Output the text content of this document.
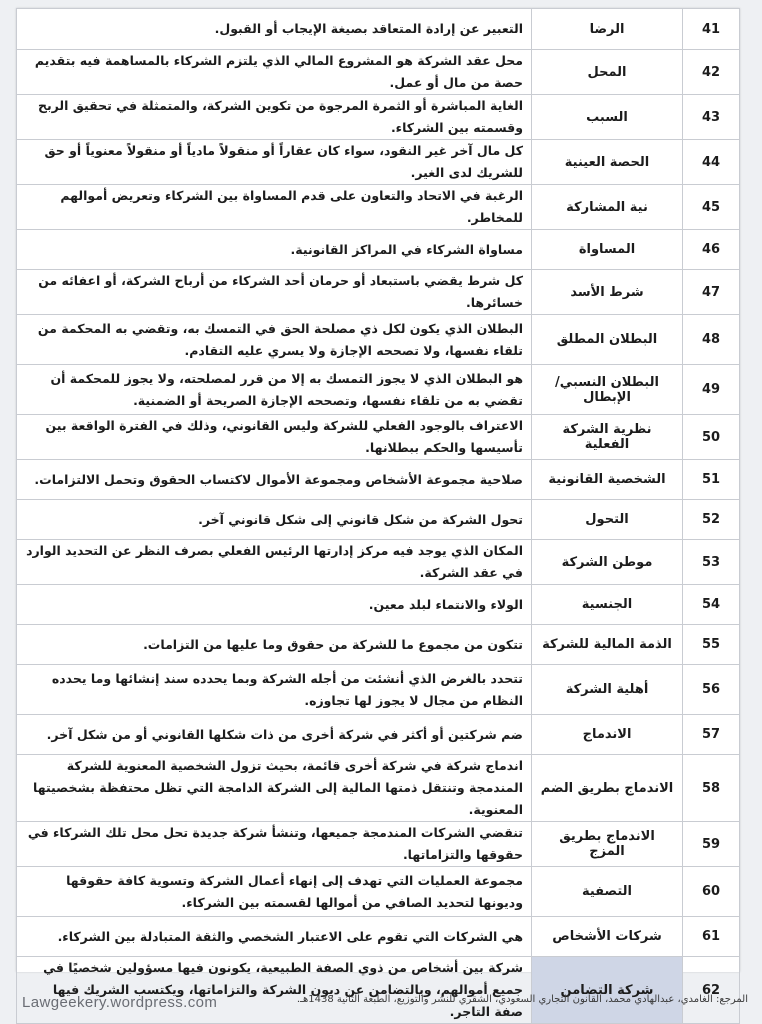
41	الرضا	التعبير عن إرادة المتعاقد بصيغة الإيجاب أو القبول.
42	المحل	محل عقد الشركة هو المشروع المالي الذي يلتزم الشركاء بالمساهمة فيه بتقديم حصة من مال أو عمل.
43	السبب	الغاية المباشرة أو الثمرة المرجوة من تكوين الشركة، والمتمثلة في تحقيق الربح وقسمته بين الشركاء.
44	الحصة العينية	كل مال آخر غير النقود، سواء كان عقاراً أو منقولاً مادياً أو منقولاً معنوياً أو حق للشريك لدى الغير.
45	نية المشاركة	الرغبة في الاتحاد والتعاون على قدم المساواة بين الشركاء وتعريض أموالهم للمخاطر.
46	المساواة	مساواة الشركاء في المراكز القانونية.
47	شرط الأسد	كل شرط يقضي باستبعاد أو حرمان أحد الشركاء من أرباح الشركة، أو اعفائه من خسائرها.
48	البطلان المطلق	البطلان الذي يكون لكل ذي مصلحة الحق في التمسك به، وتقضي به المحكمة من تلقاء نفسها، ولا تصححه الإجازة ولا يسري عليه التقادم.
49	البطلان النسبي/ الإبطال	هو البطلان الذي لا يجوز التمسك به إلا من قرر لمصلحته، ولا يجوز للمحكمة أن تقضي به من تلقاء نفسها، وتصححه الإجازة الصريحة أو الضمنية.
50	نظرية الشركة الفعلية	الاعتراف بالوجود الفعلي للشركة وليس القانوني، وذلك في الفترة الواقعة بين تأسيسها والحكم ببطلانها.
51	الشخصية القانونية	صلاحية مجموعة الأشخاص ومجموعة الأموال لاكتساب الحقوق وتحمل الالتزامات.
52	التحول	تحول الشركة من شكل قانوني إلى شكل قانوني آخر.
53	موطن الشركة	المكان الذي يوجد فيه مركز إدارتها الرئيس الفعلي بصرف النظر عن التحديد الوارد في عقد الشركة.
54	الجنسية	الولاء والانتماء لبلد معين.
55	الذمة المالية للشركة	تتكون من مجموع ما للشركة من حقوق وما عليها من التزامات.
56	أهلية الشركة	تتحدد بالغرض الذي أنشئت من أجله الشركة وبما يحدده سند إنشائها وما يحدده النظام من مجال لا يجوز لها تجاوزه.
57	الاندماج	ضم شركتين أو أكثر في شركة أخرى من ذات شكلها القانوني أو من شكل آخر.
58	الاندماج بطريق الضم	اندماج شركة في شركة أخرى قائمة، بحيث تزول الشخصية المعنوية للشركة المندمجة وتنتقل ذمتها المالية إلى الشركة الدامجة التي تظل محتفظة بشخصيتها المعنوية.
59	الاندماج بطريق المزج	تنقضي الشركات المندمجة جميعها، وتنشأ شركة جديدة تحل محل تلك الشركاء في حقوقها والتزاماتها.
60	التصفية	مجموعة العمليات التي تهدف إلى إنهاء أعمال الشركة وتسوية كافة حقوقها وديونها لتحديد الصافي من أموالها لقسمته بين الشركاء.
61	شركات الأشخاص	هي الشركات التي تقوم على الاعتبار الشخصي والثقة المتبادلة بين الشركاء.
62	شركة التضامن	شركة بين أشخاص من ذوي الصفة الطبيعية، يكونون فيها مسؤولين شخصيًا في جميع أموالهم، وبالتضامن عن ديون الشركة والتزاماتها، ويكتسب الشريك فيها صفة التاجر.
المرجع: الغامدي، عبدالهادي محمد، القانون التجاري السعودي، الشقري للنشر والتوزيع، الطبعة الثانية 1438هـ.
Lawgeekery.wordpress.com
